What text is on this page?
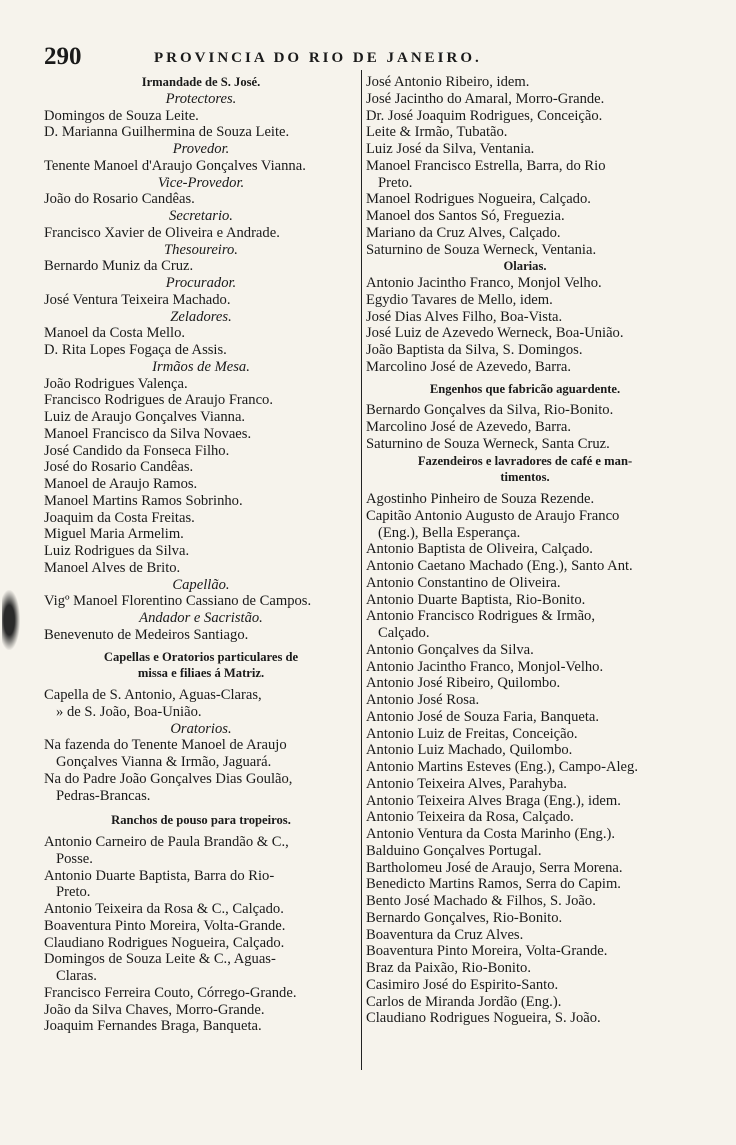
290	PROVINCIA DO RIO DE JANEIRO.
Irmandade de S. José.
Protectores.
Domingos de Souza Leite.
D. Marianna Guilhermina de Souza Leite.
Provedor.
Tenente Manoel d'Araujo Gonçalves Vianna.
Vice-Provedor.
João do Rosario Candêas.
Secretario.
Francisco Xavier de Oliveira e Andrade.
Thesoureiro.
Bernardo Muniz da Cruz.
Procurador.
José Ventura Teixeira Machado.
Zeladores.
Manoel da Costa Mello.
D. Rita Lopes Fogaça de Assis.
Irmãos de Mesa.
João Rodrigues Valença.
Francisco Rodrigues de Araujo Franco.
Luiz de Araujo Gonçalves Vianna.
Manoel Francisco da Silva Novaes.
José Candido da Fonseca Filho.
José do Rosario Candêas.
Manoel de Araujo Ramos.
Manoel Martins Ramos Sobrinho.
Joaquim da Costa Freitas.
Miguel Maria Armelim.
Luiz Rodrigues da Silva.
Manoel Alves de Brito.
Capellão.
Vigº Manoel Florentino Cassiano de Campos.
Andador e Sacristão.
Benevenuto de Medeiros Santiago.
Capellas e Oratorios particulares de
missa e filiaes á Matriz.
Capella de S. Antonio, Aguas-Claras,
» de S. João, Boa-União.
Oratorios.
Na fazenda do Tenente Manoel de Araujo
Gonçalves Vianna & Irmão, Jaguará.
Na do Padre João Gonçalves Dias Goulão,
Pedras-Brancas.
Ranchos de pouso para tropeiros.
Antonio Carneiro de Paula Brandão & C.,
Posse.
Antonio Duarte Baptista, Barra do Rio-
Preto.
Antonio Teixeira da Rosa & C., Calçado.
Boaventura Pinto Moreira, Volta-Grande.
Claudiano Rodrigues Nogueira, Calçado.
Domingos de Souza Leite & C., Aguas-
Claras.
Francisco Ferreira Couto, Córrego-Grande.
João da Silva Chaves, Morro-Grande.
Joaquim Fernandes Braga, Banqueta.
José Antonio Ribeiro, idem.
José Jacintho do Amaral, Morro-Grande.
Dr. José Joaquim Rodrigues, Conceição.
Leite & Irmão, Tubatão.
Luiz José da Silva, Ventania.
Manoel Francisco Estrella, Barra, do Rio
Preto.
Manoel Rodrigues Nogueira, Calçado.
Manoel dos Santos Só, Freguezia.
Mariano da Cruz Alves, Calçado.
Saturnino de Souza Werneck, Ventania.
Olarias.
Antonio Jacintho Franco, Monjol Velho.
Egydio Tavares de Mello, idem.
José Dias Alves Filho, Boa-Vista.
José Luiz de Azevedo Werneck, Boa-União.
João Baptista da Silva, S. Domingos.
Marcolino José de Azevedo, Barra.
Engenhos que fabricão aguardente.
Bernardo Gonçalves da Silva, Rio-Bonito.
Marcolino José de Azevedo, Barra.
Saturnino de Souza Werneck, Santa Cruz.
Fazendeiros e lavradores de café e man-
timentos.
Agostinho Pinheiro de Souza Rezende.
Capitão Antonio Augusto de Araujo Franco
(Eng.), Bella Esperança.
Antonio Baptista de Oliveira, Calçado.
Antonio Caetano Machado (Eng.), Santo Ant.
Antonio Constantino de Oliveira.
Antonio Duarte Baptista, Rio-Bonito.
Antonio Francisco Rodrigues & Irmão,
Calçado.
Antonio Gonçalves da Silva.
Antonio Jacintho Franco, Monjol-Velho.
Antonio José Ribeiro, Quilombo.
Antonio José Rosa.
Antonio José de Souza Faria, Banqueta.
Antonio Luiz de Freitas, Conceição.
Antonio Luiz Machado, Quilombo.
Antonio Martins Esteves (Eng.), Campo-Aleg.
Antonio Teixeira Alves, Parahyba.
Antonio Teixeira Alves Braga (Eng.), idem.
Antonio Teixeira da Rosa, Calçado.
Antonio Ventura da Costa Marinho (Eng.).
Balduino Gonçalves Portugal.
Bartholomeu José de Araujo, Serra Morena.
Benedicto Martins Ramos, Serra do Capim.
Bento José Machado & Filhos, S. João.
Bernardo Gonçalves, Rio-Bonito.
Boaventura da Cruz Alves.
Boaventura Pinto Moreira, Volta-Grande.
Braz da Paixão, Rio-Bonito.
Casimiro José do Espirito-Santo.
Carlos de Miranda Jordão (Eng.).
Claudiano Rodrigues Nogueira, S. João.
